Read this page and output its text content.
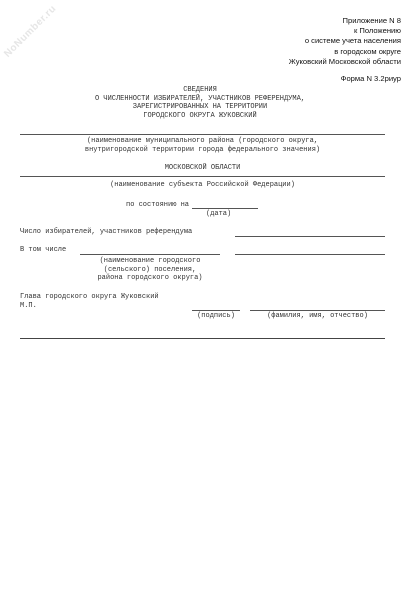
NoNumber.ru	Приложение N 8
к Положению
о системе учета населения
в городском округе
Жуковский Московской области
Форма N 3.2риур
СВЕДЕНИЯ
О ЧИСЛЕННОСТИ ИЗБИРАТЕЛЕЙ, УЧАСТНИКОВ РЕФЕРЕНДУМА,
ЗАРЕГИСТРИРОВАННЫХ НА ТЕРРИТОРИИ
ГОРОДСКОГО ОКРУГА ЖУКОВСКИЙ
(наименование муниципального района (городского округа,
внутригородской территории города федерального значения)
МОСКОВСКОЙ ОБЛАСТИ
(наименование субъекта Российской Федерации)
по состоянию на
(дата)
Число избирателей, участников референдума
В том числе
(наименование городского
(сельского) поселения,
района городского округа)
Глава городского округа Жуковский
М.П.
(подпись)	(фамилия, имя, отчество)
